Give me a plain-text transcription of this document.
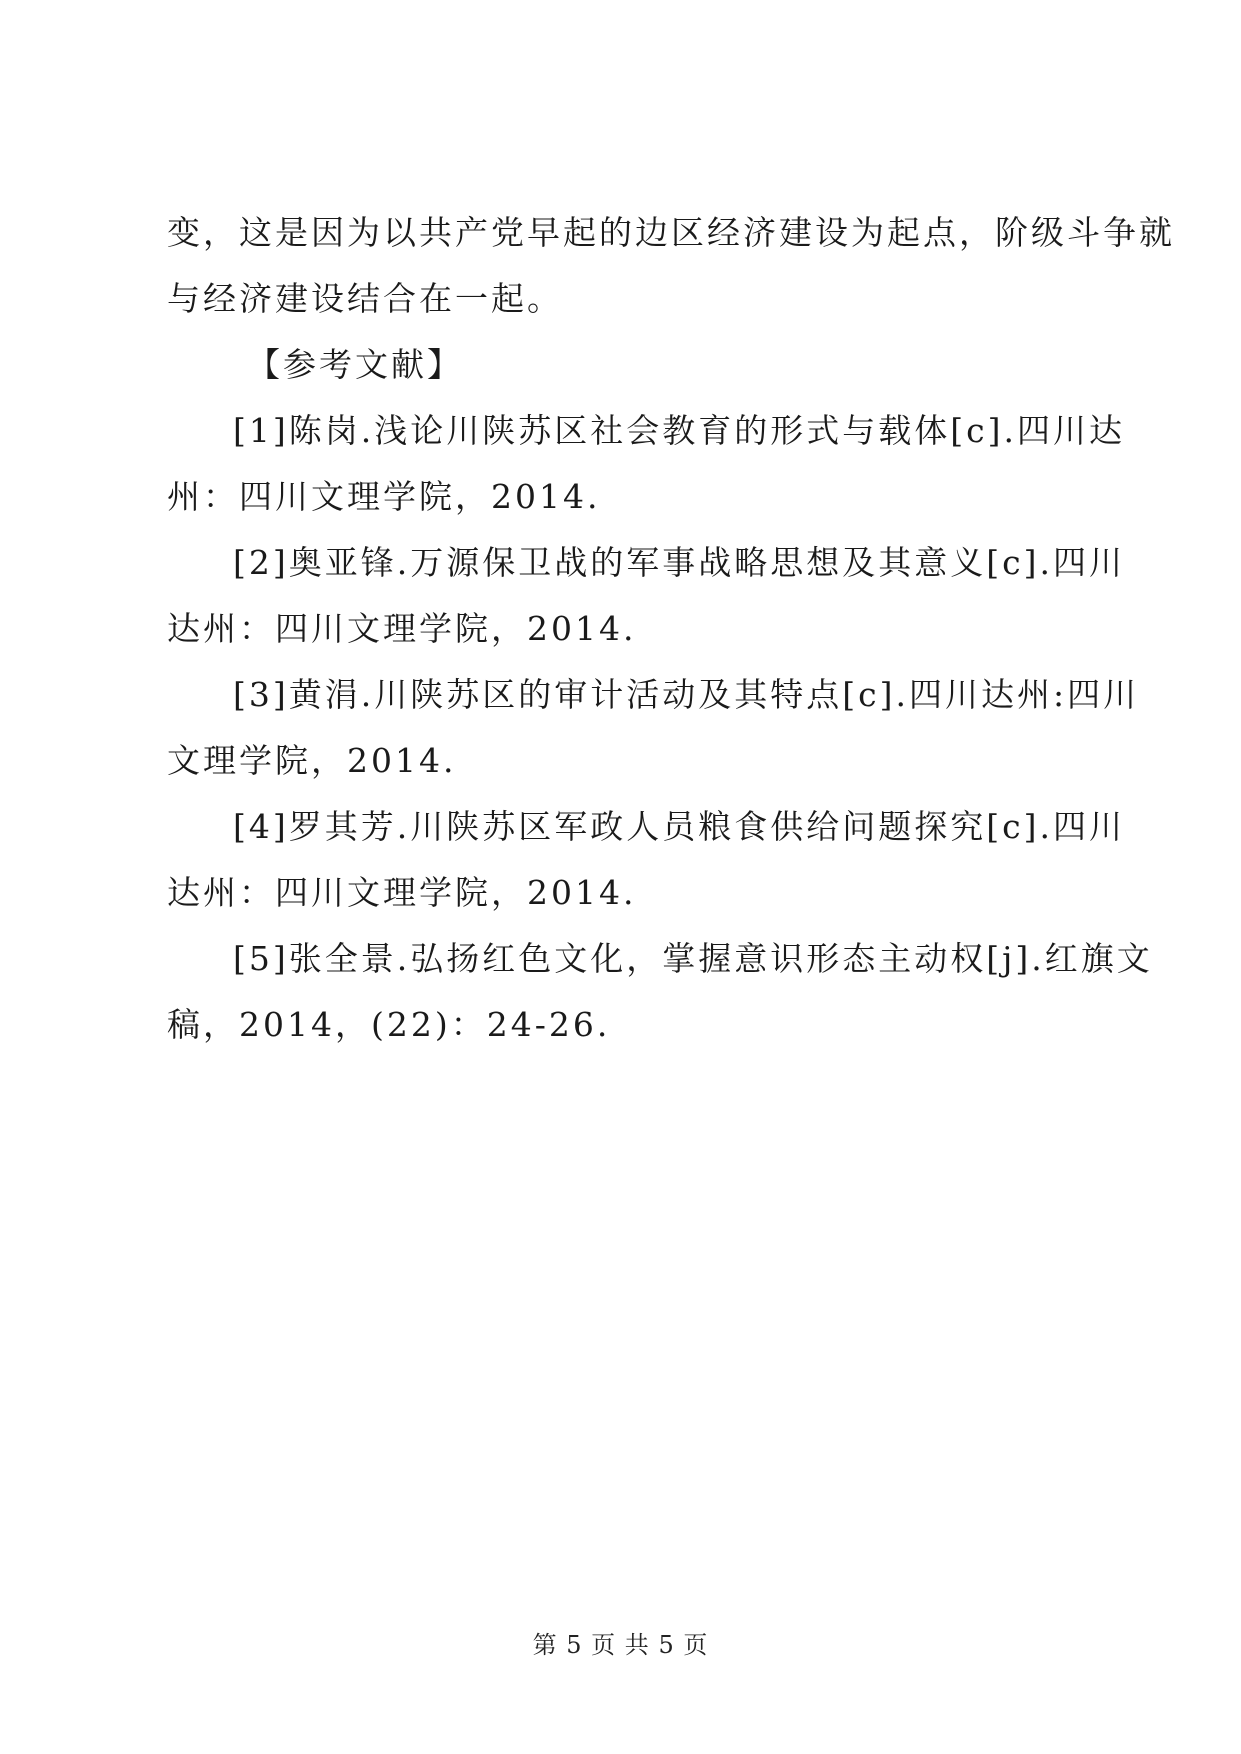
变，这是因为以共产党早起的边区经济建设为起点，阶级斗争就

与经济建设结合在一起。

【参考文献】

[1]陈岗.浅论川陕苏区社会教育的形式与载体[c].四川达
州：四川文理学院，2014.
[2]奥亚锋.万源保卫战的军事战略思想及其意义[c].四川
达州：四川文理学院，2014.
[3]黄涓.川陕苏区的审计活动及其特点[c].四川达州:四川
文理学院，2014.
[4]罗其芳.川陕苏区军政人员粮食供给问题探究[c].四川
达州：四川文理学院，2014.
[5]张全景.弘扬红色文化，掌握意识形态主动权[j].红旗文
稿，2014，(22)：24-26.
第 5 页 共 5 页
